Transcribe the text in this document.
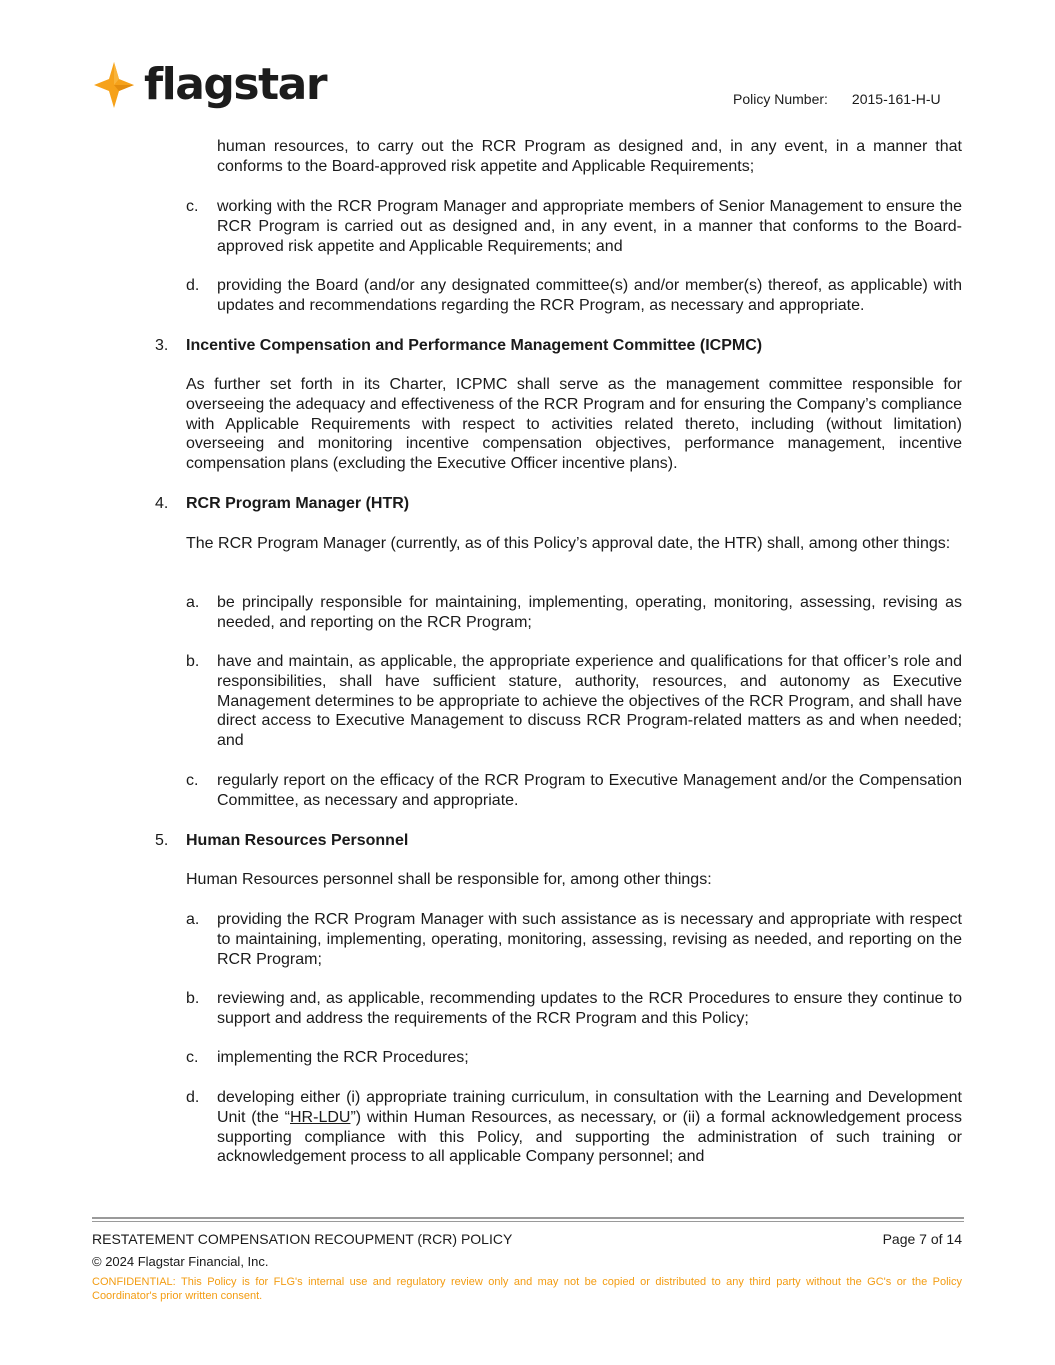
flagstar	Policy Number: 2015-161-H-U
human resources, to carry out the RCR Program as designed and, in any event, in a manner that conforms to the Board-approved risk appetite and Applicable Requirements;
c. working with the RCR Program Manager and appropriate members of Senior Management to ensure the RCR Program is carried out as designed and, in any event, in a manner that conforms to the Board-approved risk appetite and Applicable Requirements; and
d. providing the Board (and/or any designated committee(s) and/or member(s) thereof, as applicable) with updates and recommendations regarding the RCR Program, as necessary and appropriate.
3. Incentive Compensation and Performance Management Committee (ICPMC)
As further set forth in its Charter, ICPMC shall serve as the management committee responsible for overseeing the adequacy and effectiveness of the RCR Program and for ensuring the Company’s compliance with Applicable Requirements with respect to activities related thereto, including (without limitation) overseeing and monitoring incentive compensation objectives, performance management, incentive compensation plans (excluding the Executive Officer incentive plans).
4. RCR Program Manager (HTR)
The RCR Program Manager (currently, as of this Policy’s approval date, the HTR) shall, among other things:
a. be principally responsible for maintaining, implementing, operating, monitoring, assessing, revising as needed, and reporting on the RCR Program;
b. have and maintain, as applicable, the appropriate experience and qualifications for that officer’s role and responsibilities, shall have sufficient stature, authority, resources, and autonomy as Executive Management determines to be appropriate to achieve the objectives of the RCR Program, and shall have direct access to Executive Management to discuss RCR Program-related matters as and when needed; and
c. regularly report on the efficacy of the RCR Program to Executive Management and/or the Compensation Committee, as necessary and appropriate.
5. Human Resources Personnel
Human Resources personnel shall be responsible for, among other things:
a. providing the RCR Program Manager with such assistance as is necessary and appropriate with respect to maintaining, implementing, operating, monitoring, assessing, revising as needed, and reporting on the RCR Program;
b. reviewing and, as applicable, recommending updates to the RCR Procedures to ensure they continue to support and address the requirements of the RCR Program and this Policy;
c. implementing the RCR Procedures;
d. developing either (i) appropriate training curriculum, in consultation with the Learning and Development Unit (the “HR-LDU”) within Human Resources, as necessary, or (ii) a formal acknowledgement process supporting compliance with this Policy, and supporting the administration of such training or acknowledgement process to all applicable Company personnel; and
RESTATEMENT COMPENSATION RECOUPMENT (RCR) POLICY	Page 7 of 14
© 2024 Flagstar Financial, Inc.
CONFIDENTIAL: This Policy is for FLG's internal use and regulatory review only and may not be copied or distributed to any third party without the GC's or the Policy Coordinator's prior written consent.
